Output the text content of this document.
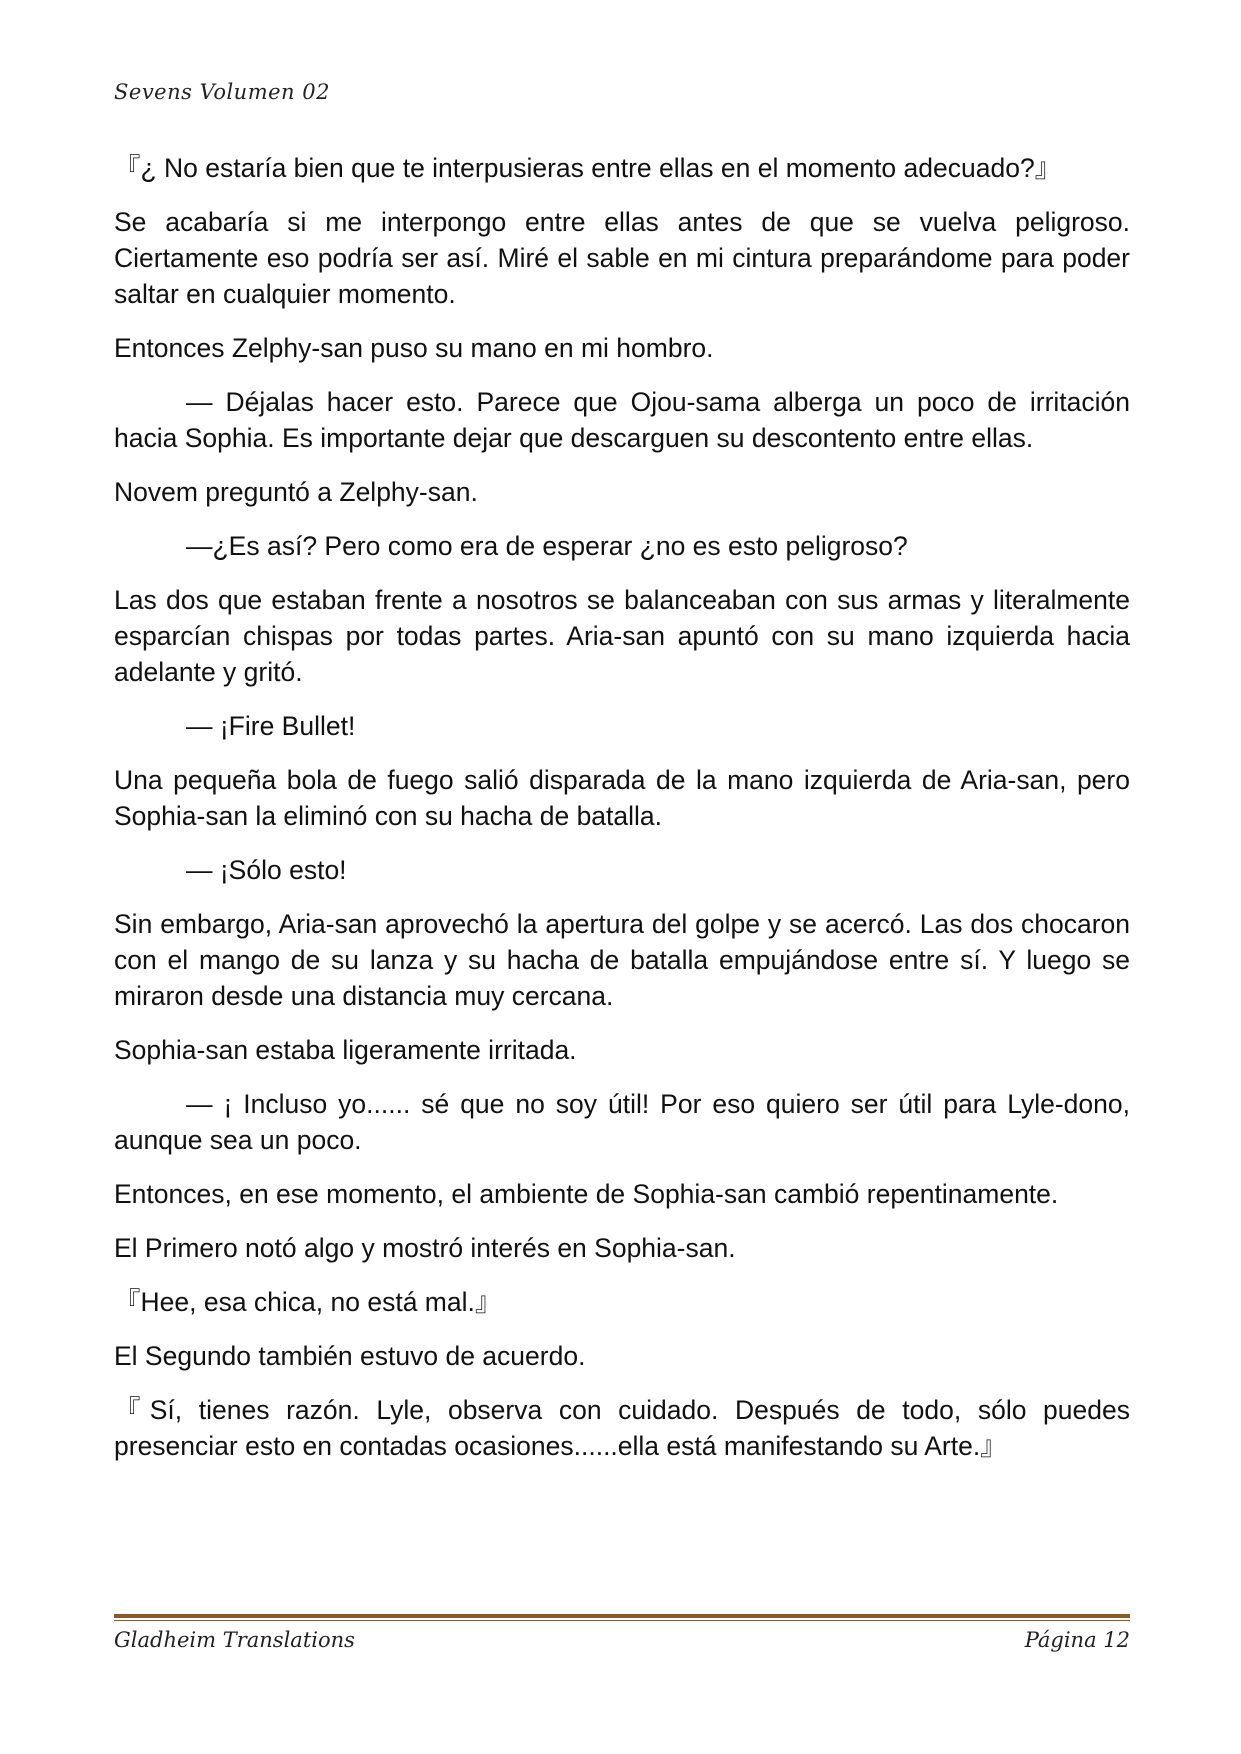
Sevens Volumen 02

『¿ No estaría bien que te interpusieras entre ellas en el momento adecuado?』

Se acabaría si me interpongo entre ellas antes de que se vuelva peligroso. Ciertamente eso podría ser así. Miré el sable en mi cintura preparándome para poder saltar en cualquier momento.

Entonces Zelphy-san puso su mano en mi hombro.

— Déjalas hacer esto. Parece que Ojou-sama alberga un poco de irritación hacia Sophia. Es importante dejar que descarguen su descontento entre ellas.

Novem preguntó a Zelphy-san.

—¿Es así? Pero como era de esperar ¿no es esto peligroso?

Las dos que estaban frente a nosotros se balanceaban con sus armas y literalmente esparcían chispas por todas partes. Aria-san apuntó con su mano izquierda hacia adelante y gritó.

— ¡Fire Bullet!

Una pequeña bola de fuego salió disparada de la mano izquierda de Aria-san, pero Sophia-san la eliminó con su hacha de batalla.

— ¡Sólo esto!

Sin embargo, Aria-san aprovechó la apertura del golpe y se acercó. Las dos chocaron con el mango de su lanza y su hacha de batalla empujándose entre sí. Y luego se miraron desde una distancia muy cercana.

Sophia-san estaba ligeramente irritada.

— ¡ Incluso yo...... sé que no soy útil! Por eso quiero ser útil para Lyle-dono, aunque sea un poco.

Entonces, en ese momento, el ambiente de Sophia-san cambió repentinamente.

El Primero notó algo y mostró interés en Sophia-san.

『Hee, esa chica, no está mal.』

El Segundo también estuvo de acuerdo.

『Sí, tienes razón. Lyle, observa con cuidado. Después de todo, sólo puedes presenciar esto en contadas ocasiones......ella está manifestando su Arte.』

Gladheim Translations	Página 12
